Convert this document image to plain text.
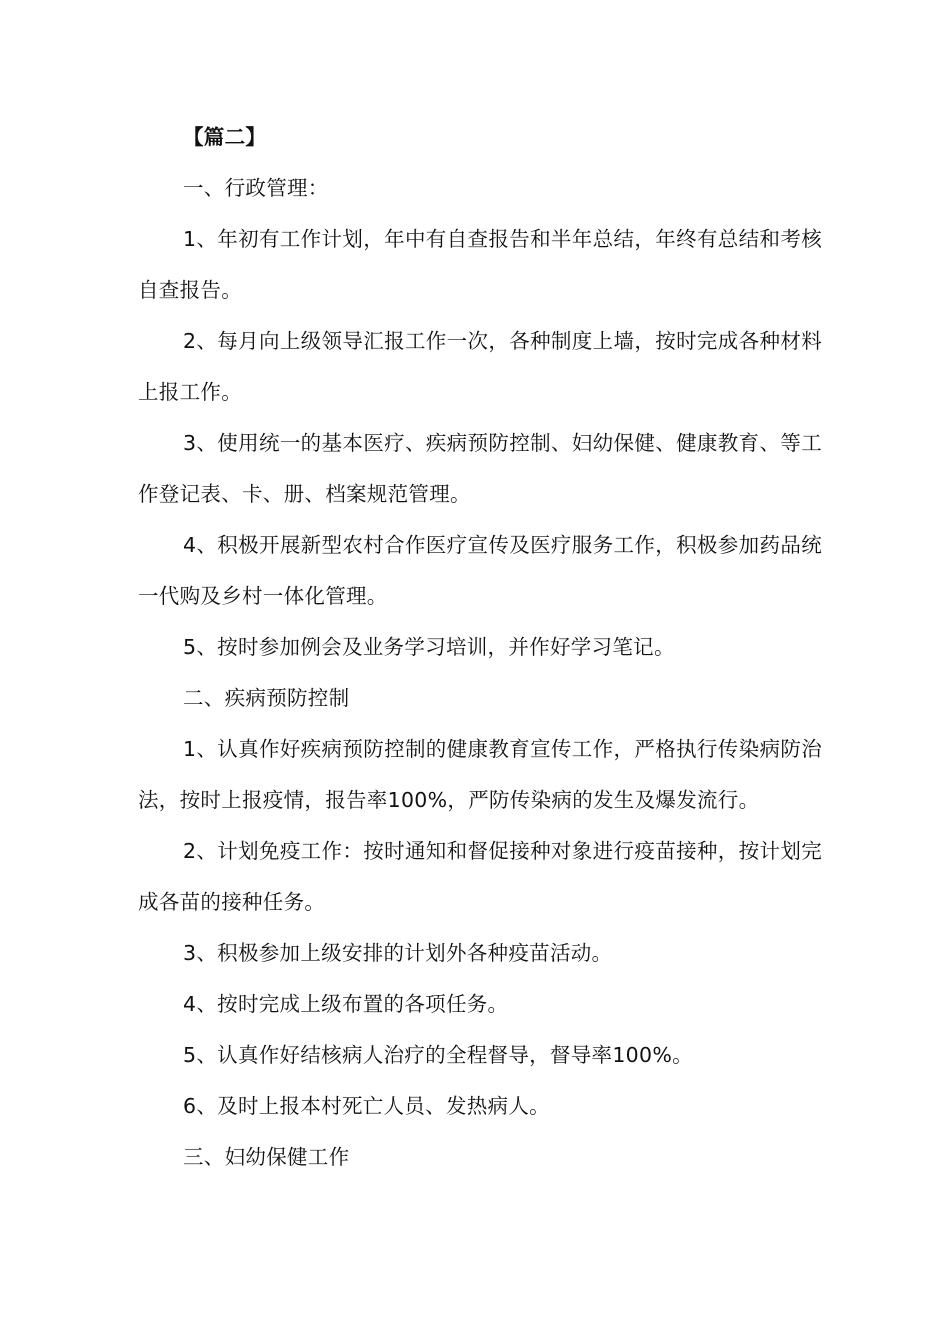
【篇二】

一、行政管理：

1、年初有工作计划，年中有自查报告和半年总结，年终有总结和考核自查报告。

2、每月向上级领导汇报工作一次，各种制度上墙，按时完成各种材料上报工作。

3、使用统一的基本医疗、疾病预防控制、妇幼保健、健康教育、等工作登记表、卡、册、档案规范管理。

4、积极开展新型农村合作医疗宣传及医疗服务工作，积极参加药品统一代购及乡村一体化管理。

5、按时参加例会及业务学习培训，并作好学习笔记。

二、疾病预防控制

1、认真作好疾病预防控制的健康教育宣传工作，严格执行传染病防治法，按时上报疫情，报告率100%，严防传染病的发生及爆发流行。

2、计划免疫工作：按时通知和督促接种对象进行疫苗接种，按计划完成各苗的接种任务。

3、积极参加上级安排的计划外各种疫苗活动。

4、按时完成上级布置的各项任务。

5、认真作好结核病人治疗的全程督导，督导率100%。

6、及时上报本村死亡人员、发热病人。

三、妇幼保健工作
